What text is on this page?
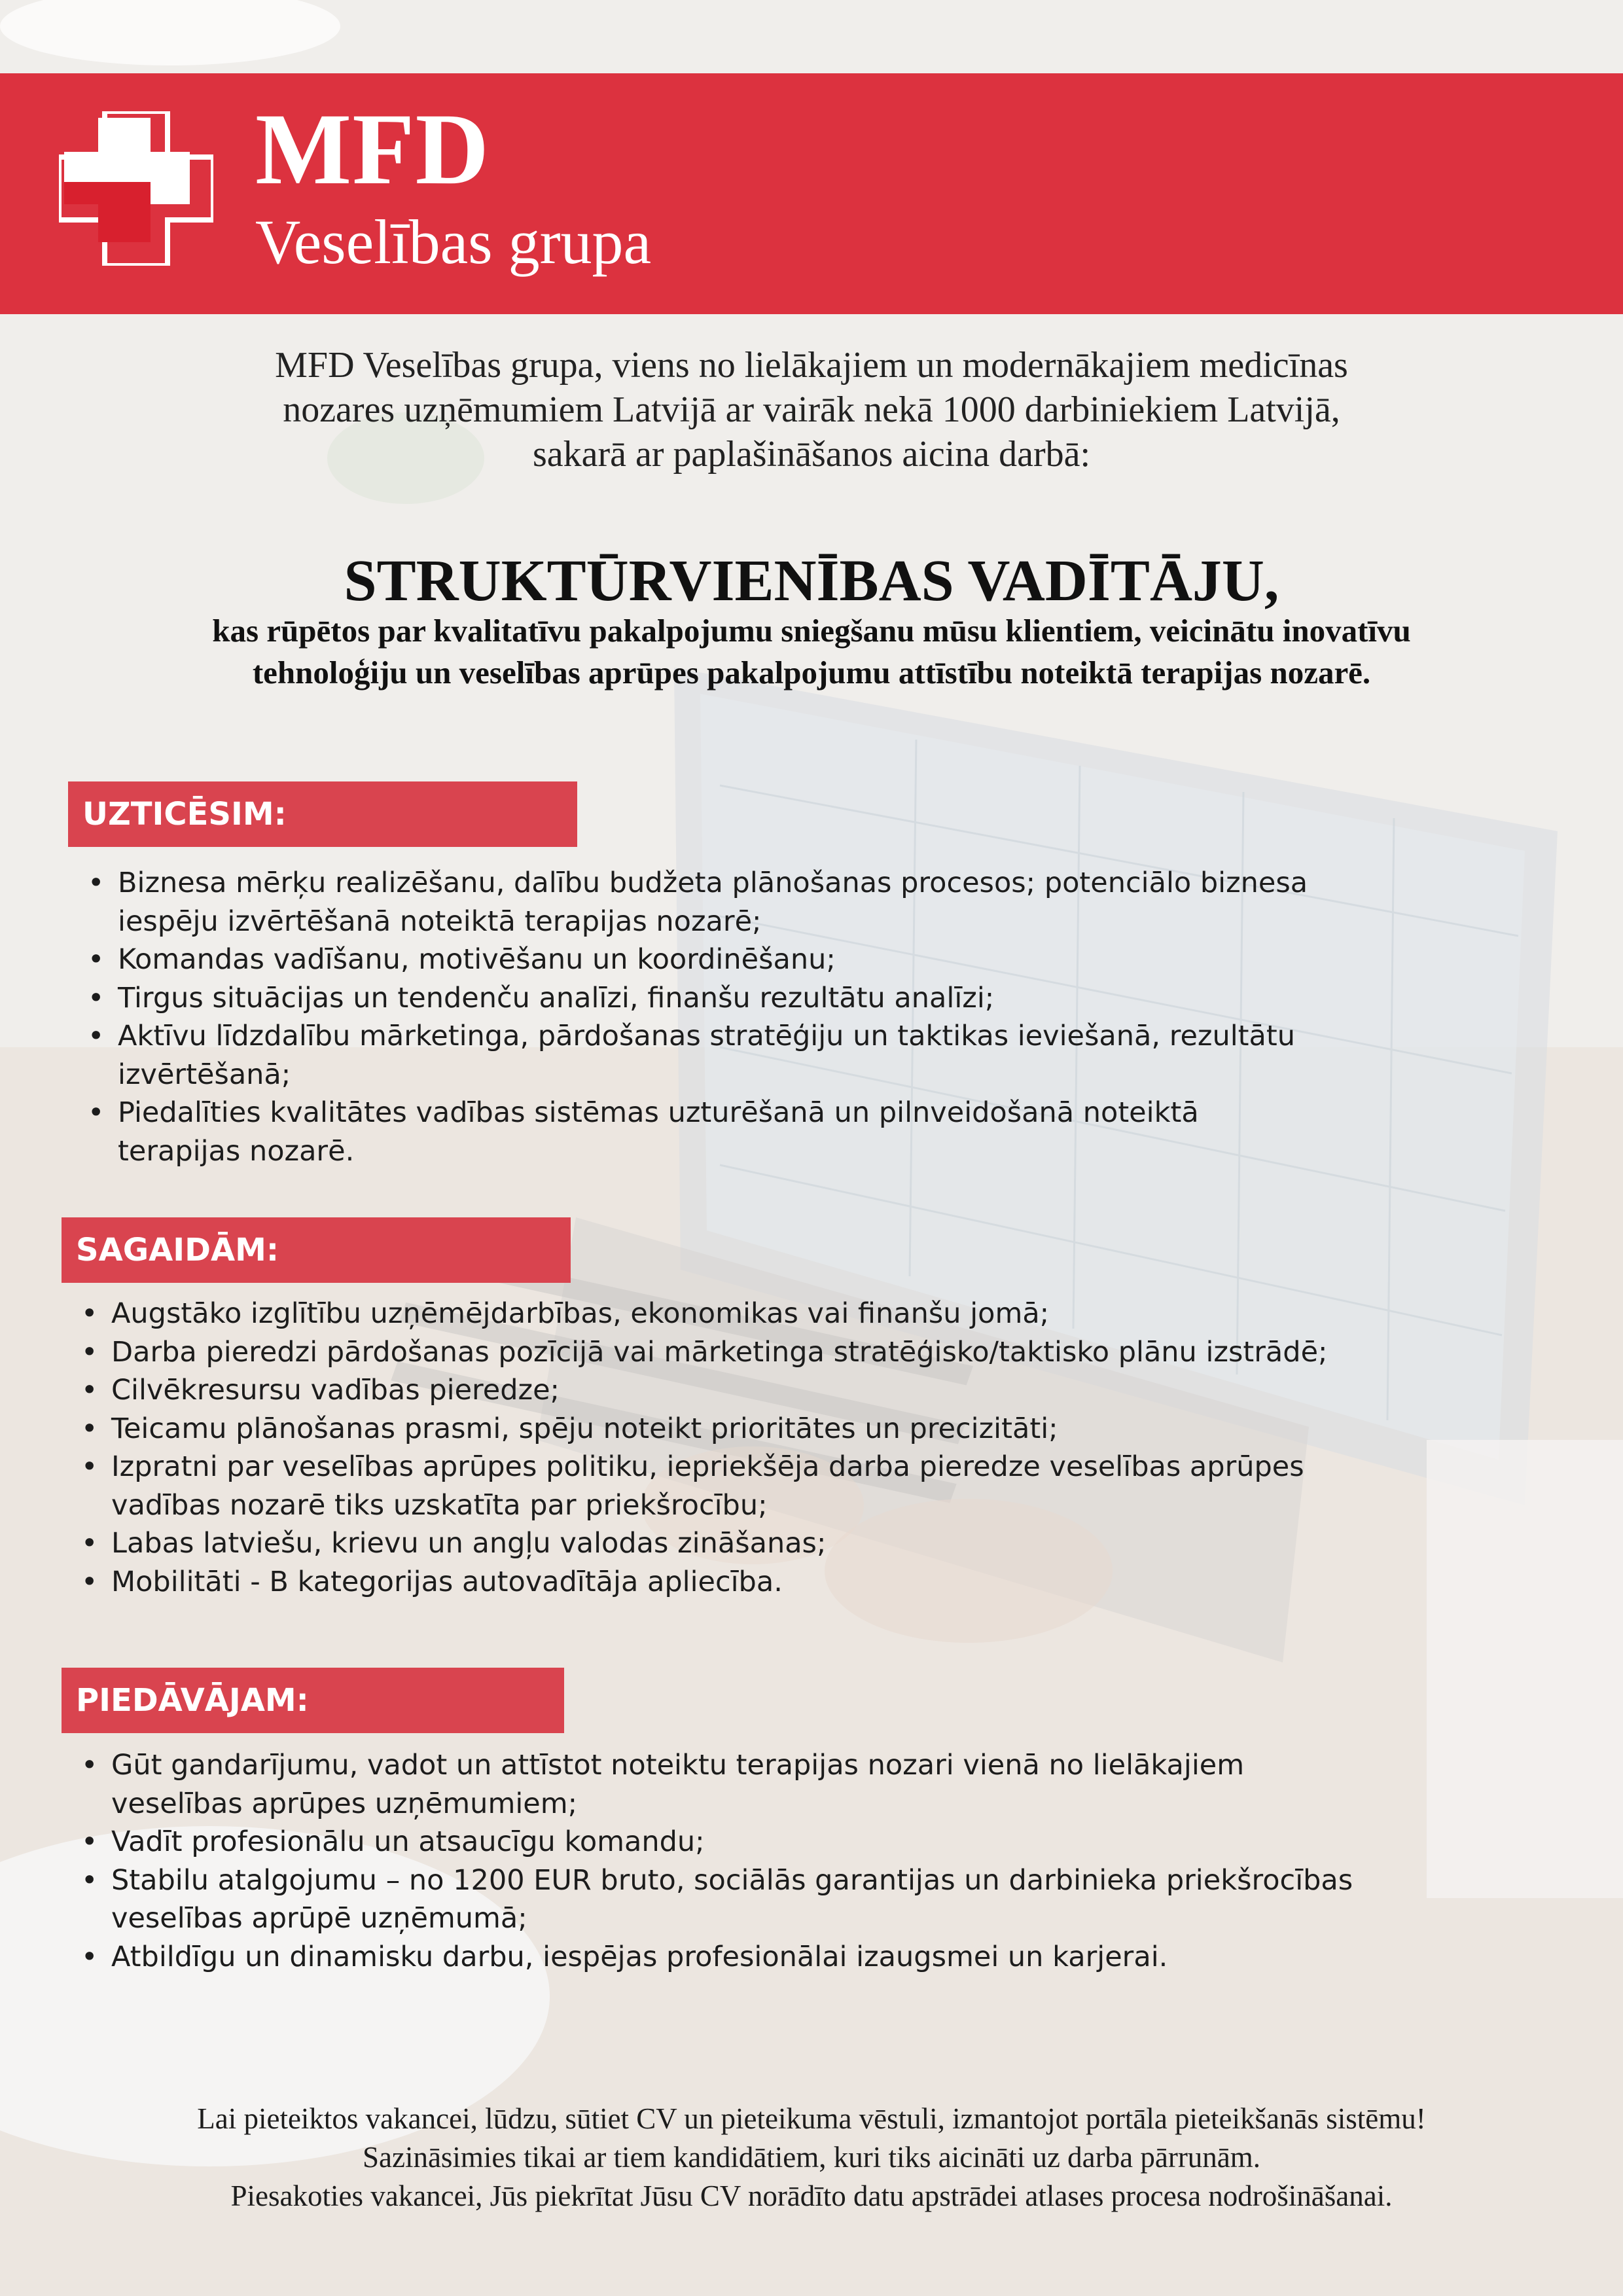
MFD
Veselības grupa
MFD Veselības grupa, viens no lielākajiem un modernākajiem medicīnas
nozares uzņēmumiem Latvijā ar vairāk nekā 1000 darbiniekiem Latvijā,
sakarā ar paplašināšanos aicina darbā:
STRUKTŪRVIENĪBAS VADĪTĀJU,
kas rūpētos par kvalitatīvu pakalpojumu sniegšanu mūsu klientiem, veicinātu inovatīvu
tehnoloģiju un veselības aprūpes pakalpojumu attīstību noteiktā terapijas nozarē.
UZTICĒSIM:
• Biznesa mērķu realizēšanu, dalību budžeta plānošanas procesos; potenciālo biznesa
iespēju izvērtēšanā noteiktā terapijas nozarē;
• Komandas vadīšanu, motivēšanu un koordinēšanu;
• Tirgus situācijas un tendenču analīzi, finanšu rezultātu analīzi;
• Aktīvu līdzdalību mārketinga, pārdošanas stratēģiju un taktikas ieviešanā, rezultātu
izvērtēšanā;
• Piedalīties kvalitātes vadības sistēmas uzturēšanā un pilnveidošanā noteiktā
terapijas nozarē.
SAGAIDĀM:
• Augstāko izglītību uzņēmējdarbības, ekonomikas vai finanšu jomā;
• Darba pieredzi pārdošanas pozīcijā vai mārketinga stratēģisko/taktisko plānu izstrādē;
• Cilvēkresursu vadības pieredze;
• Teicamu plānošanas prasmi, spēju noteikt prioritātes un precizitāti;
• Izpratni par veselības aprūpes politiku, iepriekšēja darba pieredze veselības aprūpes
vadības nozarē tiks uzskatīta par priekšrocību;
• Labas latviešu, krievu un angļu valodas zināšanas;
• Mobilitāti - B kategorijas autovadītāja apliecība.
PIEDĀVĀJAM:
• Gūt gandarījumu, vadot un attīstot noteiktu terapijas nozari vienā no lielākajiem
veselības aprūpes uzņēmumiem;
• Vadīt profesionālu un atsaucīgu komandu;
• Stabilu atalgojumu – no 1200 EUR bruto, sociālās garantijas un darbinieka priekšrocības
veselības aprūpē uzņēmumā;
• Atbildīgu un dinamisku darbu, iespējas profesionālai izaugsmei un karjerai.
Lai pieteiktos vakancei, lūdzu, sūtiet CV un pieteikuma vēstuli, izmantojot portāla pieteikšanās sistēmu!
Sazināsimies tikai ar tiem kandidātiem, kuri tiks aicināti uz darba pārrunām.
Piesakoties vakancei, Jūs piekrītat Jūsu CV norādīto datu apstrādei atlases procesa nodrošināšanai.
